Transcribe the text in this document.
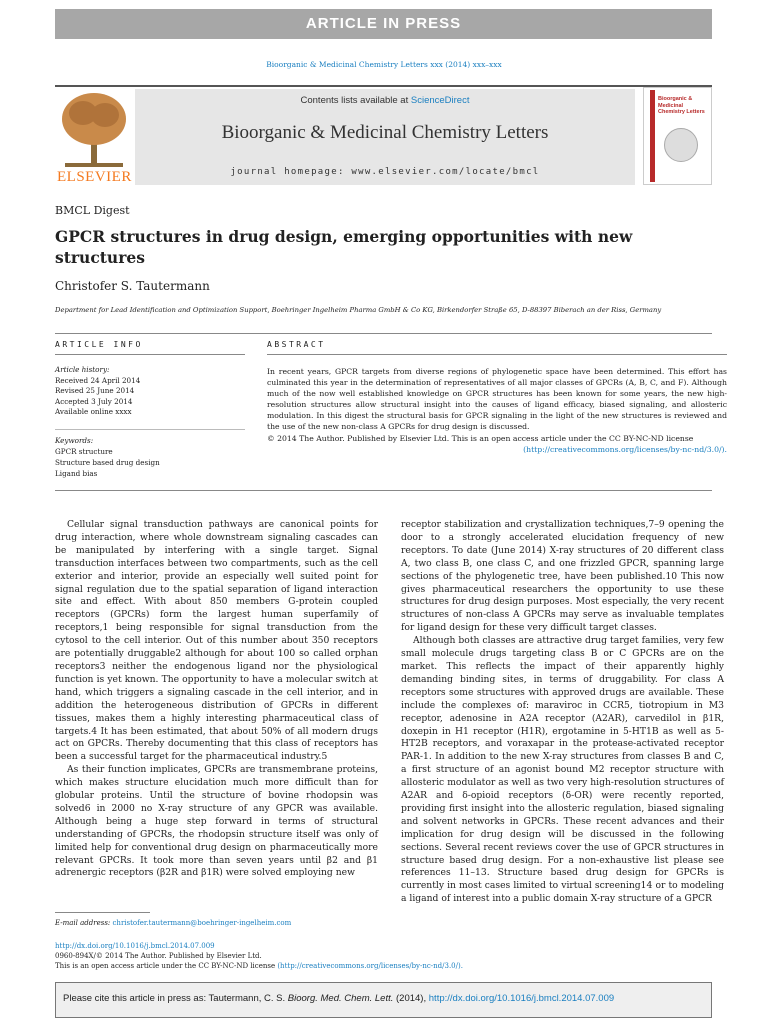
ARTICLE IN PRESS
Bioorganic & Medicinal Chemistry Letters xxx (2014) xxx–xxx
ELSEVIER
Contents lists available at ScienceDirect
Bioorganic & Medicinal Chemistry Letters
journal homepage: www.elsevier.com/locate/bmcl
Bioorganic & Medicinal Chemistry Letters
BMCL Digest
GPCR structures in drug design, emerging opportunities with new structures
Christofer S. Tautermann
Department for Lead Identification and Optimization Support, Boehringer Ingelheim Pharma GmbH & Co KG, Birkendorfer Straße 65, D-88397 Biberach an der Riss, Germany
ARTICLE INFO	ABSTRACT
Article history:
Received 24 April 2014
Revised 25 June 2014
Accepted 3 July 2014
Available online xxxx
Keywords:
GPCR structure
Structure based drug design
Ligand bias
In recent years, GPCR targets from diverse regions of phylogenetic space have been determined. This effort has culminated this year in the determination of representatives of all major classes of GPCRs (A, B, C, and F). Although much of the now well established knowledge on GPCR structures has been known for some years, the new high-resolution structures allow structural insight into the causes of ligand efficacy, biased signaling, and allosteric modulation. In this digest the structural basis for GPCR signaling in the light of the new structures is reviewed and the use of the new non-class A GPCRs for drug design is discussed.
© 2014 The Author. Published by Elsevier Ltd. This is an open access article under the CC BY-NC-ND license
(http://creativecommons.org/licenses/by-nc-nd/3.0/).

Cellular signal transduction pathways are canonical points for drug interaction, where whole downstream signaling cascades can be manipulated by interfering with a single target. Signal transduction interfaces between two compartments, such as the cell exterior and interior, provide an especially well suited point for signal regulation due to the spatial separation of ligand interaction site and effect. With about 850 members G-protein coupled receptors (GPCRs) form the largest human superfamily of receptors,1 being responsible for signal transduction from the cytosol to the cell interior. Out of this number about 350 receptors are potentially druggable2 although for about 100 so called orphan receptors3 neither the endogenous ligand nor the physiological function is yet known. The opportunity to have a molecular switch at hand, which triggers a signaling cascade in the cell interior, and in addition the heterogeneous distribution of GPCRs in different tissues, makes them a highly interesting pharmaceutical class of targets.4 It has been estimated, that about 50% of all modern drugs act on GPCRs. Thereby documenting that this class of receptors has been a successful target for the pharmaceutical industry.5

As their function implicates, GPCRs are transmembrane proteins, which makes structure elucidation much more difficult than for globular proteins. Until the structure of bovine rhodopsin was solved6 in 2000 no X-ray structure of any GPCR was available. Although being a huge step forward in terms of structural understanding of GPCRs, the rhodopsin structure itself was only of limited help for conventional drug design on pharmaceutically more relevant GPCRs. It took more than seven years until β2 and β1 adrenergic receptors (β2R and β1R) were solved employing new

receptor stabilization and crystallization techniques,7–9 opening the door to a strongly accelerated elucidation frequency of new receptors. To date (June 2014) X-ray structures of 20 different class A, two class B, one class C, and one frizzled GPCR, spanning large sections of the phylogenetic tree, have been published.10 This now gives pharmaceutical researchers the opportunity to use these structures for drug design purposes. Most especially, the very recent structures of non-class A GPCRs may serve as invaluable templates for ligand design for these very difficult target classes.

Although both classes are attractive drug target families, very few small molecule drugs targeting class B or C GPCRs are on the market. This reflects the impact of their apparently highly demanding binding sites, in terms of druggability. For class A receptors some structures with approved drugs are available. These include the complexes of: maraviroc in CCR5, tiotropium in M3 receptor, adenosine in A2A receptor (A2AR), carvedilol in β1R, doxepin in H1 receptor (H1R), ergotamine in 5-HT1B as well as 5-HT2B receptors, and voraxapar in the protease-activated receptor PAR-1. In addition to the new X-ray structures from classes B and C, a first structure of an agonist bound M2 receptor structure with allosteric modulator as well as two very high-resolution structures of A2AR and δ-opioid receptors (δ-OR) were recently reported, providing first insight into the allosteric regulation, biased signaling and solvent networks in GPCRs. These recent advances and their implication for drug design will be discussed in the following sections. Several recent reviews cover the use of GPCR structures in structure based drug design. For a non-exhaustive list please see references 11–13. Structure based drug design for GPCRs is currently in most cases limited to virtual screening14 or to modeling a ligand of interest into a public domain X-ray structure of a GPCR

E-mail address: christofer.tautermann@boehringer-ingelheim.com
http://dx.doi.org/10.1016/j.bmcl.2014.07.009
0960-894X/© 2014 The Author. Published by Elsevier Ltd.
This is an open access article under the CC BY-NC-ND license (http://creativecommons.org/licenses/by-nc-nd/3.0/).
Please cite this article in press as: Tautermann, C. S. Bioorg. Med. Chem. Lett. (2014), http://dx.doi.org/10.1016/j.bmcl.2014.07.009
